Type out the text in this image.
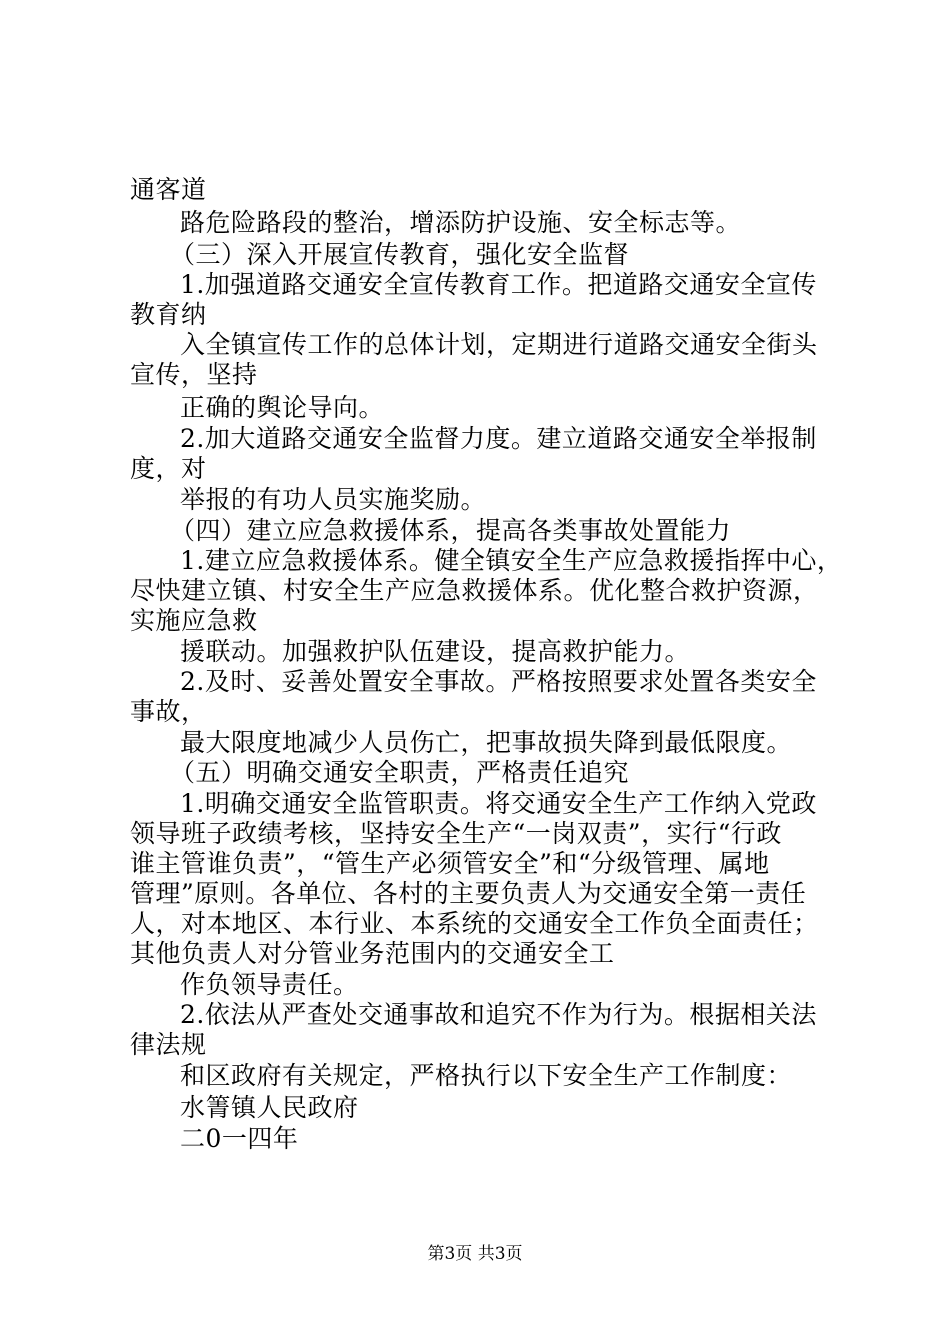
通客道
路危险路段的整治，增添防护设施、安全标志等。
（三）深入开展宣传教育，强化安全监督
1.加强道路交通安全宣传教育工作。把道路交通安全宣传
教育纳
入全镇宣传工作的总体计划，定期进行道路交通安全街头
宣传，坚持
正确的舆论导向。
2.加大道路交通安全监督力度。建立道路交通安全举报制
度，对
举报的有功人员实施奖励。
（四）建立应急救援体系，提高各类事故处置能力
1.建立应急救援体系。健全镇安全生产应急救援指挥中心，
尽快建立镇、村安全生产应急救援体系。优化整合救护资源，
实施应急救
援联动。加强救护队伍建设，提高救护能力。
2.及时、妥善处置安全事故。严格按照要求处置各类安全
事故，
最大限度地减少人员伤亡，把事故损失降到最低限度。
（五）明确交通安全职责，严格责任追究
1.明确交通安全监管职责。将交通安全生产工作纳入党政
领导班子政绩考核，坚持安全生产“一岗双责”，实行“行政
谁主管谁负责”，“管生产必须管安全”和“分级管理、属地
管理”原则。各单位、各村的主要负责人为交通安全第一责任
人，对本地区、本行业、本系统的交通安全工作负全面责任；
其他负责人对分管业务范围内的交通安全工
作负领导责任。
2.依法从严查处交通事故和追究不作为行为。根据相关法
律法规
和区政府有关规定，严格执行以下安全生产工作制度：
水箐镇人民政府
二0一四年
第3页 共3页
